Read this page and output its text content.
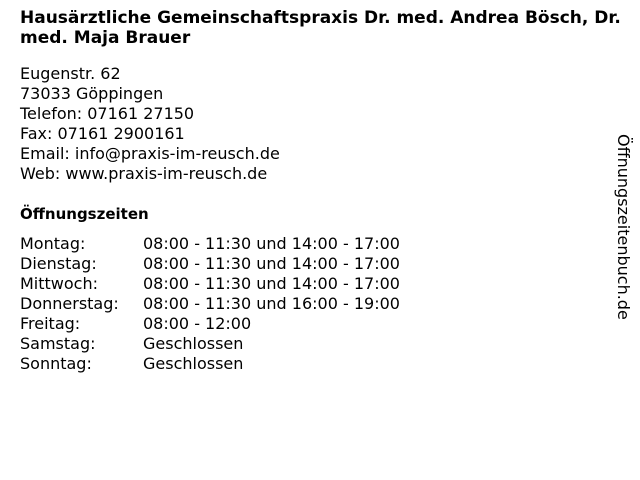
Hausärztliche Gemeinschaftspraxis Dr. med. Andrea Bösch, Dr. med. Maja Brauer
Eugenstr. 62
73033 Göppingen
Telefon: 07161 27150
Fax: 07161 2900161
Email: info@praxis-im-reusch.de
Web: www.praxis-im-reusch.de
Öffnungszeiten
Montag:	08:00 - 11:30 und 14:00 - 17:00
Dienstag:	08:00 - 11:30 und 14:00 - 17:00
Mittwoch:	08:00 - 11:30 und 14:00 - 17:00
Donnerstag:	08:00 - 11:30 und 16:00 - 19:00
Freitag:	08:00 - 12:00
Samstag:	Geschlossen
Sonntag:	Geschlossen
Öffnungszeitenbuch.de
